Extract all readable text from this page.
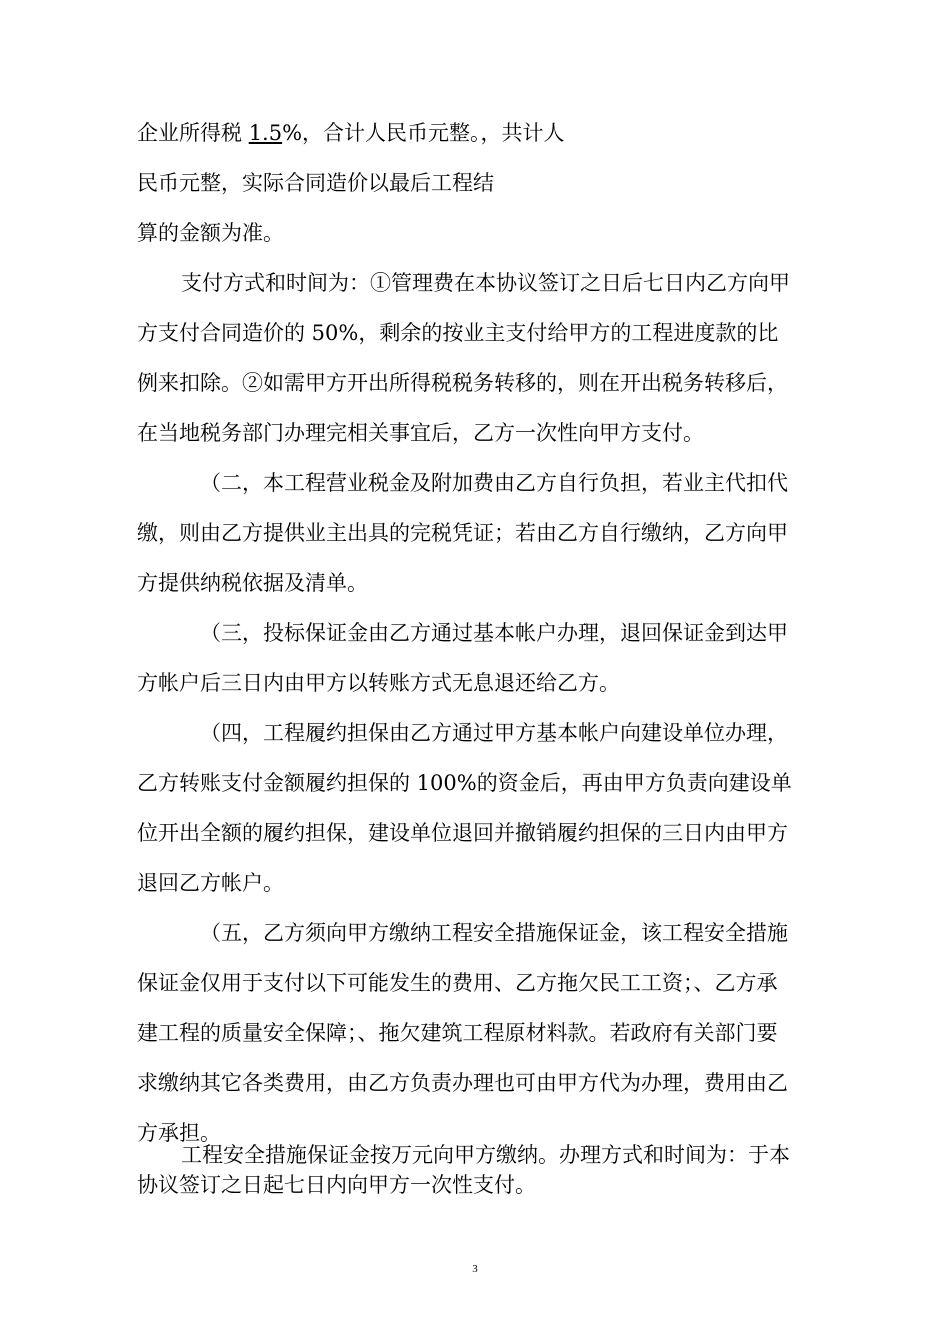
企业所得税 1.5%，合计人民币元整。，共计人
民币元整，实际合同造价以最后工程结
算的金额为准。

支付方式和时间为：①管理费在本协议签订之日后七日内乙方向甲
方支付合同造价的 50%，剩余的按业主支付给甲方的工程进度款的比
例来扣除。②如需甲方开出所得税税务转移的，则在开出税务转移后，
在当地税务部门办理完相关事宜后，乙方一次性向甲方支付。

（二，本工程营业税金及附加费由乙方自行负担，若业主代扣代
缴，则由乙方提供业主出具的完税凭证；若由乙方自行缴纳，乙方向甲
方提供纳税依据及清单。

（三，投标保证金由乙方通过基本帐户办理，退回保证金到达甲
方帐户后三日内由甲方以转账方式无息退还给乙方。

（四，工程履约担保由乙方通过甲方基本帐户向建设单位办理，
乙方转账支付金额履约担保的 100%的资金后，再由甲方负责向建设单
位开出全额的履约担保，建设单位退回并撤销履约担保的三日内由甲方
退回乙方帐户。

（五，乙方须向甲方缴纳工程安全措施保证金，该工程安全措施
保证金仅用于支付以下可能发生的费用、乙方拖欠民工工资；、乙方承
建工程的质量安全保障；、拖欠建筑工程原材料款。若政府有关部门要
求缴纳其它各类费用，由乙方负责办理也可由甲方代为办理，费用由乙
方承担。

工程安全措施保证金按万元向甲方缴纳。办理方式和时间为：于本
协议签订之日起七日内向甲方一次性支付。
3
